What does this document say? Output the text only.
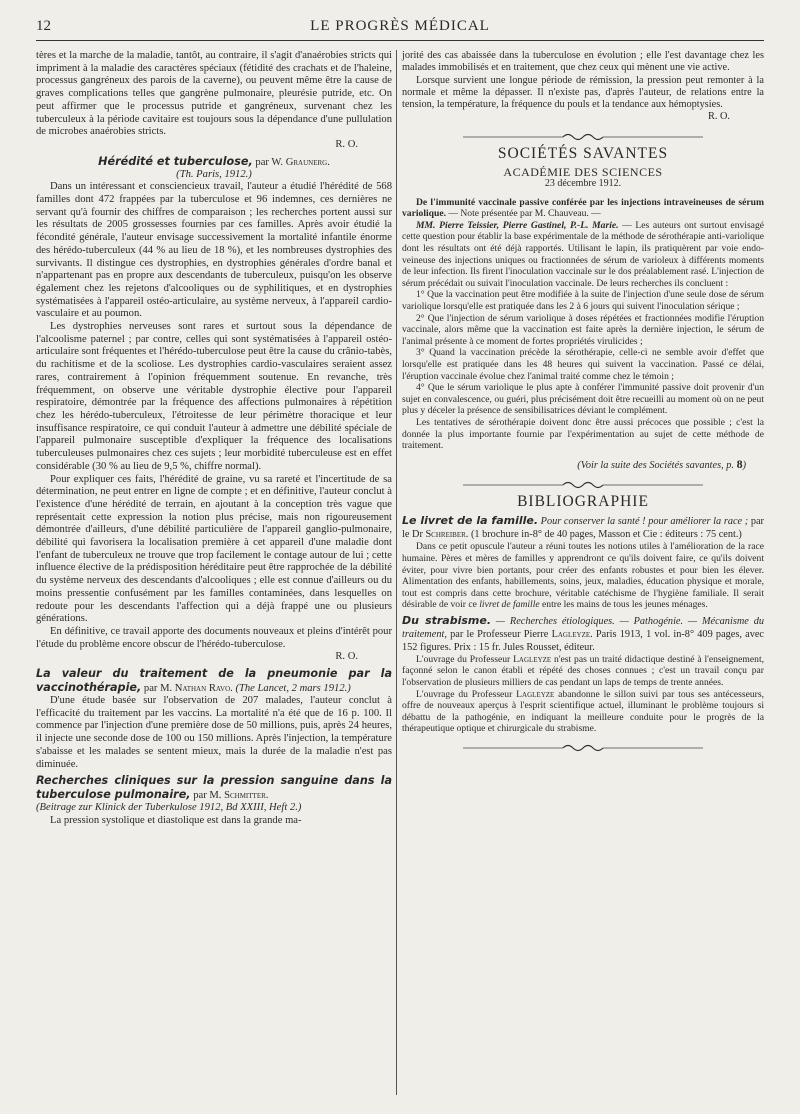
12	LE PROGRÈS MÉDICAL

tères et la marche de la maladie, tantôt, au contraire, il s'agit d'anaérobies stricts qui impriment à la maladie des caractères spéciaux (fétidité des crachats et de l'haleine, processus gangréneux des parois de la caverne), ou peuvent même être la cause de graves complications telles que gangrène pulmonaire, pleurésie putride, etc. On peut affirmer que le processus putride et gangréneux, survenant chez les tuberculeux à la période cavitaire est toujours sous la dépendance d'une pullulation de microbes anaérobies stricts.

R. O.

Hérédité et tuberculose, par W. Graunerg.

(Th. Paris, 1912.)

Dans un intéressant et consciencieux travail, l'auteur a étudié l'hérédité de 568 familles dont 472 frappées par la tuberculose et 96 indemnes, ces dernières ne servant qu'à fournir des chiffres de comparaison ; les recherches portent aussi sur les résultats de 2005 grossesses fournies par ces familles. Après avoir étudié la fécondité générale, l'auteur envisage successivement la mortalité infantile énorme des hérédo-tuberculeux (44 % au lieu de 18 %), et les nombreuses dystrophies des survivants. Il distingue ces dystrophies, en dystrophies générales d'ordre banal et n'appartenant pas en propre aux descendants de tuberculeux, puisqu'on les observe également chez les rejetons d'alcooliques ou de syphilitiques, et en dystrophies systématisées à l'appareil ostéo-articulaire, au système nerveux, à l'appareil cardio-vasculaire et au poumon.

Les dystrophies nerveuses sont rares et surtout sous la dépendance de l'alcoolisme paternel ; par contre, celles qui sont systématisées à l'appareil ostéo-articulaire sont fréquentes et l'hérédo-tuberculose peut être la cause du crânio-tabès, du rachitisme et de la scoliose. Les dystrophies cardio-vasculaires seraient assez rares, contrairement à l'opinion fréquemment soutenue. En revanche, très fréquemment, on observe une véritable dystrophie élective pour l'appareil respiratoire, démontrée par la fréquence des affections pulmonaires à répétition chez les hérédo-tuberculeux, l'étroitesse de leur périmètre thoracique et leur insuffisance respiratoire, ce qui conduit l'auteur à admettre une débilité spéciale de l'appareil pulmonaire susceptible d'expliquer la fréquence des localisations tuberculeuses pulmonaires chez ces sujets ; leur morbidité tuberculeuse est en effet considérable (30 % au lieu de 9,5 %, chiffre normal).

Pour expliquer ces faits, l'hérédité de graine, vu sa rareté et l'incertitude de sa détermination, ne peut entrer en ligne de compte ; et en définitive, l'auteur conclut à l'existence d'une hérédité de terrain, en ajoutant à la conception très vague que représentait cette expression la notion plus précise, mais non rigoureusement démontrée d'ailleurs, d'une débilité particulière de l'appareil ganglio-pulmonaire, débilité qui favorisera la localisation première à cet appareil d'une maladie dont l'enfant de tuberculeux ne trouve que trop facilement le contage autour de lui ; cette influence élective de la prédisposition héréditaire peut être rapprochée de la débilité du système nerveux des descendants d'alcooliques ; elle est connue d'ailleurs ou du moins pressentie confusément par les familles contaminées, dans lesquelles on redoute pour les descendants l'affection qui a déjà frappé une ou plusieurs générations.

En définitive, ce travail apporte des documents nouveaux et pleins d'intérêt pour l'étude du problème encore obscur de l'hérédo-tuberculose.

R. O.

La valeur du traitement de la pneumonie par la vaccinothérapie, par M. Nathan Ravo. (The Lancet, 2 mars 1912.)

D'une étude basée sur l'observation de 207 malades, l'auteur conclut à l'efficacité du traitement par les vaccins. La mortalité n'a été que de 16 p. 100. Il commence par l'injection d'une première dose de 50 millions, puis, après 24 heures, il injecte une seconde dose de 100 ou 150 millions. Après l'injection, la température s'abaisse et les malades se sentent mieux, mais la durée de la maladie n'est pas diminuée.

Recherches cliniques sur la pression sanguine dans la tuberculose pulmonaire, par M. Schmitter.

(Beitrage zur Klinick der Tuberkulose 1912, Bd XXIII, Heft 2.)

La pression systolique et diastolique est dans la grande ma-

jorité des cas abaissée dans la tuberculose en évolution ; elle l'est davantage chez les malades immobilisés et en traitement, que chez ceux qui mènent une vie active.

Lorsque survient une longue période de rémission, la pression peut remonter à la normale et même la dépasser. Il n'existe pas, d'après l'auteur, de relations entre la tension, la température, la fréquence du pouls et la tendance aux hémoptysies.

R. O.

SOCIÉTÉS SAVANTES

ACADÉMIE DES SCIENCES

23 décembre 1912.

De l'immunité vaccinale passive conférée par les injections intraveineuses de sérum variolique. — Note présentée par M. Chauveau. —

MM. Pierre Teissier, Pierre Gastinel, P.-L. Marie. — Les auteurs ont surtout envisagé cette question pour établir la base expérimentale de la méthode de sérothérapie anti-variolique dont les résultats ont été déjà rapportés. Utilisant le lapin, ils pratiquèrent par voie endo-veineuse des injections uniques ou fractionnées de sérum de varioleux à différents moments de leur infection. Ils firent l'inoculation vaccinale sur le dos préalablement rasé. L'injection de sérum précédait ou suivait l'inoculation vaccinale. De leurs recherches ils concluent :

1° Que la vaccination peut être modifiée à la suite de l'injection d'une seule dose de sérum variolique lorsqu'elle est pratiquée dans les 2 à 6 jours qui suivent l'inoculation sérique ;

2° Que l'injection de sérum variolique à doses répétées et fractionnées modifie l'éruption vaccinale, alors même que la vaccination est faite après la dernière injection, le sérum de l'animal présente à ce moment de fortes propriétés virulicides ;

3° Quand la vaccination précède la sérothérapie, celle-ci ne semble avoir d'effet que lorsqu'elle est pratiquée dans les 48 heures qui suivent la vaccination. Passé ce délai, l'éruption vaccinale évolue chez l'animal traité comme chez le témoin ;

4° Que le sérum variolique le plus apte à conférer l'immunité passive doit provenir d'un sujet en convalescence, ou guéri, plus précisément doit être recueilli au moment où on ne peut plus y déceler la présence de sensibilisatrices déviant le complément.

Les tentatives de sérothérapie doivent donc être aussi précoces que possible ; c'est la donnée la plus importante fournie par l'expérimentation au sujet de cette méthode de traitement.

(Voir la suite des Sociétés savantes, p. 8)

BIBLIOGRAPHIE

Le livret de la famille. Pour conserver la santé ! pour améliorer la race ; par le Dr Schreiber. (1 brochure in-8° de 40 pages, Masson et Cie : éditeurs : 75 cent.)

Dans ce petit opuscule l'auteur a réuni toutes les notions utiles à l'amélioration de la race humaine. Pères et mères de familles y apprendront ce qu'ils doivent faire, ce qu'ils doivent éviter, pour vivre bien portants, pour créer des enfants robustes et pour bien les élever. Alimentation des enfants, habillements, soins, jeux, maladies, éducation physique et morale, tout est compris dans cette brochure, véritable catéchisme de l'hygiène familiale. Il serait désirable de voir ce livret de famille entre les mains de tous les jeunes ménages.

Du strabisme. — Recherches étiologiques. — Pathogénie. — Mécanisme du traitement, par le Professeur Pierre Lagleyze. Paris 1913, 1 vol. in-8° 409 pages, avec 152 figures. Prix : 15 fr. Jules Rousset, éditeur.

L'ouvrage du Professeur Lagleyze n'est pas un traité didactique destiné à l'enseignement, façonné selon le canon établi et répété des choses connues ; c'est un travail conçu par l'observation de plusieurs milliers de cas pendant un laps de temps de trente années.

L'ouvrage du Professeur Lagleyze abandonne le sillon suivi par tous ses antécesseurs, offre de nouveaux aperçus à l'esprit scientifique actuel, illuminant le problème toujours si débattu de la pathogénie, en indiquant la meilleure conduite pour le progrès de la thérapeutique optique et chirurgicale du strabisme.
